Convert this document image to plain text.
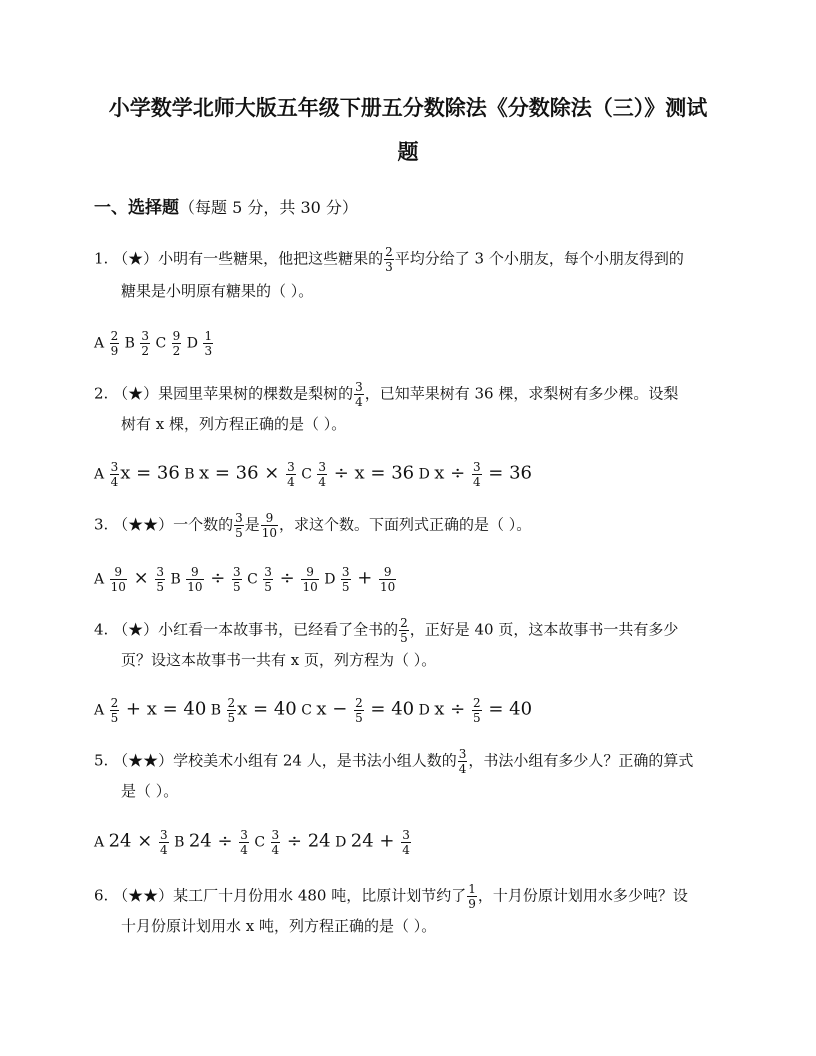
小学数学北师大版五年级下册五分数除法《分数除法（三）》测试
题
一、选择题（每题 5 分，共 30 分）
1. （★）小明有一些糖果，他把这些糖果的 $\frac{2}{3}$ 平均分给了 3 个小朋友，每个小朋友得到的
糖果是小明原有糖果的（ ）。
A $\frac{2}{9}$ B $\frac{3}{2}$ C $\frac{9}{2}$ D $\frac{1}{3}$
2. （★）果园里苹果树的棵数是梨树的 $\frac{3}{4}$ ，已知苹果树有 36 棵，求梨树有多少棵。设梨
树有 x 棵，列方程正确的是（ ）。
A $\frac{3}{4}$ x = 36 B $x = 36 \times \frac{3}{4}$ C $\frac{3}{4} \div x = 36$ D $x \div \frac{3}{4} = 36$
3. （★★）一个数的 $\frac{3}{5}$ 是 $\frac{9}{10}$ ，求这个数。下面列式正确的是（ ）。
A $\frac{9}{10} \times \frac{3}{5}$ B $\frac{9}{10} \div \frac{3}{5}$ C $\frac{3}{5} \div \frac{9}{10}$ D $\frac{3}{5} + \frac{9}{10}$
4. （★）小红看一本故事书，已经看了全书的 $\frac{2}{5}$ ，正好是 40 页，这本故事书一共有多少
页？设这本故事书一共有 x 页，列方程为（ ）。
A $\frac{2}{5} + x = 40$ B $\frac{2}{5}$ x = 40 C $x - \frac{2}{5} = 40$ D $x \div \frac{2}{5} = 40$
5. （★★）学校美术小组有 24 人，是书法小组人数的 $\frac{3}{4}$ ，书法小组有多少人？正确的算式
是（ ）。
A $24 \times \frac{3}{4}$ B $24 \div \frac{3}{4}$ C $\frac{3}{4} \div 24$ D $24 + \frac{3}{4}$
6. （★★）某工厂十月份用水 480 吨，比原计划节约了 $\frac{1}{9}$ ，十月份原计划用水多少吨？设
十月份原计划用水 x 吨，列方程正确的是（ ）。
